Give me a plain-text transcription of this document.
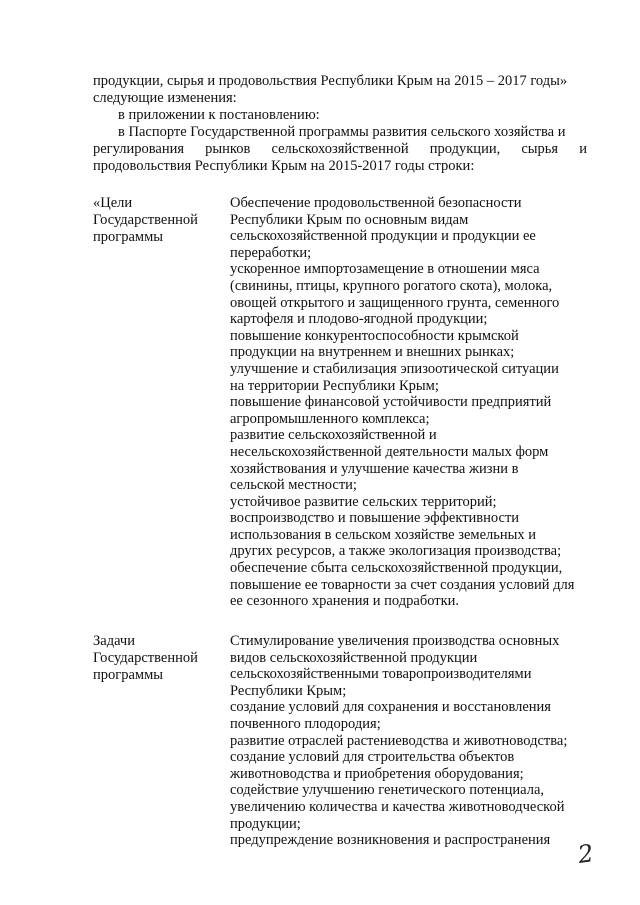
продукции, сырья и продовольствия Республики Крым на 2015 – 2017 годы»

следующие изменения:

в приложении к постановлению:

в Паспорте Государственной программы развития сельского хозяйства и

регулирования рынков сельскохозяйственной продукции, сырья и

продовольствия Республики Крым на 2015-2017 годы строки:

«Цели
Государственной
программы
Обеспечение продовольственной безопасности
Республики Крым по основным видам
сельскохозяйственной продукции и продукции ее
переработки;
ускоренное импортозамещение в отношении мяса
(свинины, птицы, крупного рогатого скота), молока,
овощей открытого и защищенного грунта, семенного
картофеля и плодово-ягодной продукции;
повышение конкурентоспособности крымской
продукции на внутреннем и внешних рынках;
улучшение и стабилизация эпизоотической ситуации
на территории Республики Крым;
повышение финансовой устойчивости предприятий
агропромышленного комплекса;
развитие сельскохозяйственной и
несельскохозяйственной деятельности малых форм
хозяйствования и улучшение качества жизни в
сельской местности;
устойчивое развитие сельских территорий;
воспроизводство и повышение эффективности
использования в сельском хозяйстве земельных и
других ресурсов, а также экологизация производства;
обеспечение сбыта сельскохозяйственной продукции,
повышение ее товарности за счет создания условий для
ее сезонного хранения и подработки.
Задачи
Государственной
программы
Стимулирование увеличения производства основных
видов сельскохозяйственной продукции
сельскохозяйственными товаропроизводителями
Республики Крым;
создание условий для сохранения и восстановления
почвенного плодородия;
развитие отраслей растениеводства и животноводства;
создание условий для строительства объектов
животноводства и приобретения оборудования;
содействие улучшению генетического потенциала,
увеличению количества и качества животноводческой
продукции;
предупреждение возникновения и распространения	2
